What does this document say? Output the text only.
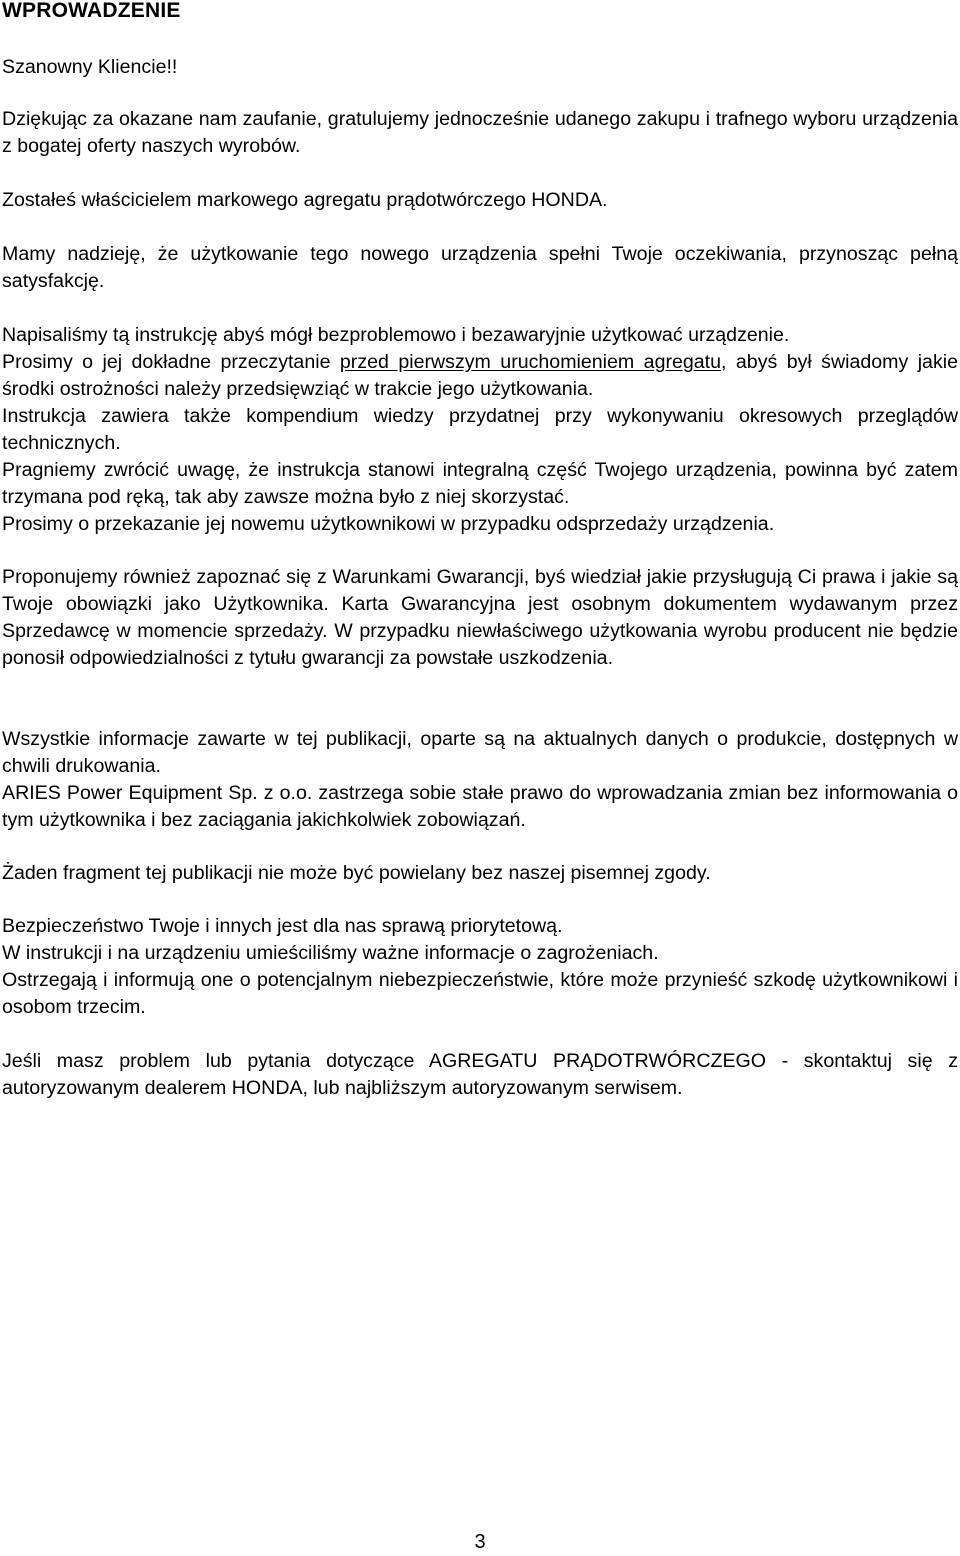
WPROWADZENIE

Szanowny Kliencie!!

Dziękując za okazane nam zaufanie, gratulujemy jednocześnie udanego zakupu i trafnego wyboru urządzenia z bogatej oferty naszych wyrobów.

Zostałeś właścicielem markowego agregatu prądotwórczego HONDA.

Mamy nadzieję, że użytkowanie tego nowego urządzenia spełni Twoje oczekiwania, przynosząc pełną satysfakcję.

Napisaliśmy tą instrukcję abyś mógł bezproblemowo i bezawaryjnie użytkować urządzenie.
Prosimy o jej dokładne przeczytanie przed pierwszym uruchomieniem agregatu, abyś był świadomy jakie środki ostrożności należy przedsięwziąć w trakcie jego użytkowania.
Instrukcja zawiera także kompendium wiedzy przydatnej przy wykonywaniu okresowych przeglądów technicznych.
Pragniemy zwrócić uwagę, że instrukcja stanowi integralną część Twojego urządzenia, powinna być zatem trzymana pod ręką, tak aby zawsze można było z niej skorzystać.
Prosimy o przekazanie jej nowemu użytkownikowi w przypadku odsprzedaży urządzenia.

Proponujemy również zapoznać się z Warunkami Gwarancji, byś wiedział jakie przysługują Ci prawa i jakie są Twoje obowiązki jako Użytkownika. Karta Gwarancyjna jest osobnym dokumentem wydawanym przez Sprzedawcę w momencie sprzedaży. W przypadku niewłaściwego użytkowania wyrobu producent nie będzie ponosił odpowiedzialności z tytułu gwarancji za powstałe uszkodzenia.

Wszystkie informacje zawarte w tej publikacji, oparte są na aktualnych danych o produkcie, dostępnych w chwili drukowania.
ARIES Power Equipment Sp. z o.o. zastrzega sobie stałe prawo do wprowadzania zmian bez informowania o tym użytkownika i bez zaciągania jakichkolwiek zobowiązań.

Żaden fragment tej publikacji nie może być powielany bez naszej pisemnej zgody.

Bezpieczeństwo Twoje i innych jest dla nas sprawą priorytetową.
W instrukcji i na urządzeniu umieściliśmy ważne informacje o zagrożeniach.
Ostrzegają i informują one o potencjalnym niebezpieczeństwie, które może przynieść szkodę użytkownikowi i osobom trzecim.

Jeśli masz problem lub pytania dotyczące AGREGATU PRĄDOTRWÓRCZEGO - skontaktuj się z autoryzowanym dealerem HONDA, lub najbliższym autoryzowanym serwisem.

3
